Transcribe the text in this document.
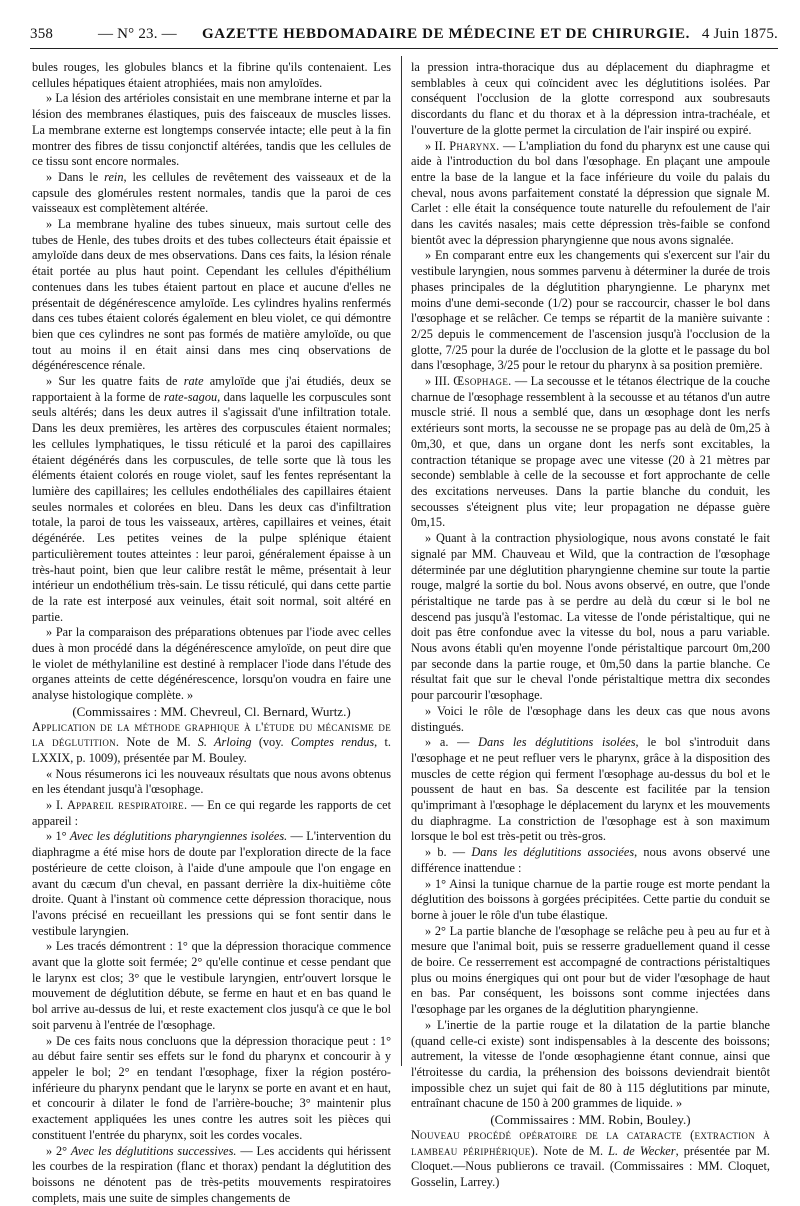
358	— N° 23. — GAZETTE HEBDOMADAIRE DE MÉDECINE ET DE CHIRURGIE. 4 Juin 1875.

bules rouges, les globules blancs et la fibrine qu'ils contenaient. Les cellules hépatiques étaient atrophiées, mais non amyloïdes.

» La lésion des artérioles consistait en une membrane interne et par la lésion des membranes élastiques, puis des faisceaux de muscles lisses. La membrane externe est longtemps conservée intacte; elle peut à la fin montrer des fibres de tissu conjonctif altérées, tandis que les cellules de ce tissu sont encore normales.

» Dans le rein, les cellules de revêtement des vaisseaux et de la capsule des glomérules restent normales, tandis que la paroi de ces vaisseaux est complètement altérée.

» La membrane hyaline des tubes sinueux, mais surtout celle des tubes de Henle, des tubes droits et des tubes collecteurs était épaissie et amyloïde dans deux de mes observations. Dans ces faits, la lésion rénale était portée au plus haut point. Cependant les cellules d'épithélium contenues dans les tubes étaient partout en place et aucune d'elles ne présentait de dégénérescence amyloïde. Les cylindres hyalins renfermés dans ces tubes étaient colorés également en bleu violet, ce qui démontre bien que ces cylindres ne sont pas formés de matière amyloïde, ou que tout au moins il en était ainsi dans mes cinq observations de dégénérescence rénale.

» Sur les quatre faits de rate amyloïde que j'ai étudiés, deux se rapportaient à la forme de rate-sagou, dans laquelle les corpuscules sont seuls altérés; dans les deux autres il s'agissait d'une infiltration totale. Dans les deux premières, les artères des corpuscules étaient normales; les cellules lymphatiques, le tissu réticulé et la paroi des capillaires étaient dégénérés dans les corpuscules, de telle sorte que là tous les éléments étaient colorés en rouge violet, sauf les fentes représentant la lumière des capillaires; les cellules endothéliales des capillaires étaient seules normales et colorées en bleu. Dans les deux cas d'infiltration totale, la paroi de tous les vaisseaux, artères, capillaires et veines, était dégénérée. Les petites veines de la pulpe splénique étaient particulièrement toutes atteintes : leur paroi, généralement épaisse à un très-haut point, bien que leur calibre restât le même, présentait à leur intérieur un endothélium très-sain. Le tissu réticulé, qui dans cette partie de la rate est interposé aux veinules, était soit normal, soit altéré en partie.

» Par la comparaison des préparations obtenues par l'iode avec celles dues à mon procédé dans la dégénérescence amyloïde, on peut dire que le violet de méthylaniline est destiné à remplacer l'iode dans l'étude des organes atteints de cette dégénérescence, lorsqu'on voudra en faire une analyse histologique complète. »

(Commissaires : MM. Chevreul, Cl. Bernard, Wurtz.)

Application de la méthode graphique à l'étude du mécanisme de la déglutition. Note de M. S. Arloing (voy. Comptes rendus, t. LXXIX, p. 1009), présentée par M. Bouley.

« Nous résumerons ici les nouveaux résultats que nous avons obtenus en les étendant jusqu'à l'œsophage.

» I. Appareil respiratoire. — En ce qui regarde les rapports de cet appareil :

» 1° Avec les déglutitions pharyngiennes isolées. — L'intervention du diaphragme a été mise hors de doute par l'exploration directe de la face postérieure de cette cloison, à l'aide d'une ampoule que l'on engage en avant du cæcum d'un cheval, en passant derrière la dix-huitième côte droite. Quant à l'instant où commence cette dépression thoracique, nous l'avons précisé en recueillant les pressions qui se font sentir dans le vestibule laryngien.

» Les tracés démontrent : 1° que la dépression thoracique commence avant que la glotte soit fermée; 2° qu'elle continue et cesse pendant que le larynx est clos; 3° que le vestibule laryngien, entr'ouvert lorsque le mouvement de déglutition débute, se ferme en haut et en bas quand le bol arrive au-dessus de lui, et reste exactement clos jusqu'à ce que le bol soit parvenu à l'entrée de l'œsophage.

» De ces faits nous concluons que la dépression thoracique peut : 1° au début faire sentir ses effets sur le fond du pharynx et concourir à y appeler le bol; 2° en tendant l'œsophage, fixer la région postéro-inférieure du pharynx pendant que le larynx se porte en avant et en haut, et concourir à dilater le fond de l'arrière-bouche; 3° maintenir plus exactement appliquées les unes contre les autres soit les pièces qui constituent l'entrée du pharynx, soit les cordes vocales.

» 2° Avec les déglutitions successives. — Les accidents qui hérissent les courbes de la respiration (flanc et thorax) pendant la déglutition des boissons ne dénotent pas de très-petits mouvements respiratoires complets, mais une suite de simples changements de

la pression intra-thoracique dus au déplacement du diaphragme et semblables à ceux qui coïncident avec les déglutitions isolées. Par conséquent l'occlusion de la glotte correspond aux soubresauts discordants du flanc et du thorax et à la dépression intra-trachéale, et l'ouverture de la glotte permet la circulation de l'air inspiré ou expiré.

» II. Pharynx. — L'ampliation du fond du pharynx est une cause qui aide à l'introduction du bol dans l'œsophage. En plaçant une ampoule entre la base de la langue et la face inférieure du voile du palais du cheval, nous avons parfaitement constaté la dépression que signale M. Carlet : elle était la conséquence toute naturelle du refoulement de l'air dans les cavités nasales; mais cette dépression très-faible se confond bientôt avec la dépression pharyngienne que nous avons signalée.

» En comparant entre eux les changements qui s'exercent sur l'air du vestibule laryngien, nous sommes parvenu à déterminer la durée de trois phases principales de la déglutition pharyngienne. Le pharynx met moins d'une demi-seconde (1/2) pour se raccourcir, chasser le bol dans l'œsophage et se relâcher. Ce temps se répartit de la manière suivante : 2/25 depuis le commencement de l'ascension jusqu'à l'occlusion de la glotte, 7/25 pour la durée de l'occlusion de la glotte et le passage du bol dans l'œsophage, 3/25 pour le retour du pharynx à sa position première.

» III. Œsophage. — La secousse et le tétanos électrique de la couche charnue de l'œsophage ressemblent à la secousse et au tétanos d'un autre muscle strié. Il nous a semblé que, dans un œsophage dont les nerfs extérieurs sont morts, la secousse ne se propage pas au delà de 0m,25 à 0m,30, et que, dans un organe dont les nerfs sont excitables, la contraction tétanique se propage avec une vitesse (20 à 21 mètres par seconde) semblable à celle de la secousse et fort approchante de celle des excitations nerveuses. Dans la partie blanche du conduit, les secousses s'éteignent plus vite; leur propagation ne dépasse guère 0m,15.

» Quant à la contraction physiologique, nous avons constaté le fait signalé par MM. Chauveau et Wild, que la contraction de l'œsophage déterminée par une déglutition pharyngienne chemine sur toute la partie rouge, malgré la sortie du bol. Nous avons observé, en outre, que l'onde péristaltique ne tarde pas à se perdre au delà du cœur si le bol ne descend pas jusqu'à l'estomac. La vitesse de l'onde péristaltique, qui ne doit pas être confondue avec la vitesse du bol, nous a paru variable. Nous avons établi qu'en moyenne l'onde péristaltique parcourt 0m,200 par seconde dans la partie rouge, et 0m,50 dans la partie blanche. Ce résultat fait que sur le cheval l'onde péristaltique mettra dix secondes pour parcourir l'œsophage.

» Voici le rôle de l'œsophage dans les deux cas que nous avons distingués.

» a. — Dans les déglutitions isolées, le bol s'introduit dans l'œsophage et ne peut refluer vers le pharynx, grâce à la disposition des muscles de cette région qui ferment l'œsophage au-dessus du bol et le poussent de haut en bas. Sa descente est facilitée par la tension qu'imprimant à l'œsophage le déplacement du larynx et les mouvements du diaphragme. La constriction de l'œsophage est à son maximum lorsque le bol est très-petit ou très-gros.

» b. — Dans les déglutitions associées, nous avons observé une différence inattendue :

» 1° Ainsi la tunique charnue de la partie rouge est morte pendant la déglutition des boissons à gorgées précipitées. Cette partie du conduit se borne à jouer le rôle d'un tube élastique.

» 2° La partie blanche de l'œsophage se relâche peu à peu au fur et à mesure que l'animal boit, puis se resserre graduellement quand il cesse de boire. Ce resserrement est accompagné de contractions péristaltiques plus ou moins énergiques qui ont pour but de vider l'œsophage de haut en bas. Par conséquent, les boissons sont comme injectées dans l'œsophage par les organes de la déglutition pharyngienne.

» L'inertie de la partie rouge et la dilatation de la partie blanche (quand celle-ci existe) sont indispensables à la descente des boissons; autrement, la vitesse de l'onde œsophagienne étant connue, ainsi que l'étroitesse du cardia, la préhension des boissons deviendrait bientôt impossible chez un sujet qui fait de 80 à 115 déglutitions par minute, entraînant chacune de 150 à 200 grammes de liquide. »

(Commissaires : MM. Robin, Bouley.)

Nouveau procédé opératoire de la cataracte (extraction à lambeau périphérique). Note de M. L. de Wecker, présentée par M. Cloquet.—Nous publierons ce travail. (Commissaires : MM. Cloquet, Gosselin, Larrey.)
